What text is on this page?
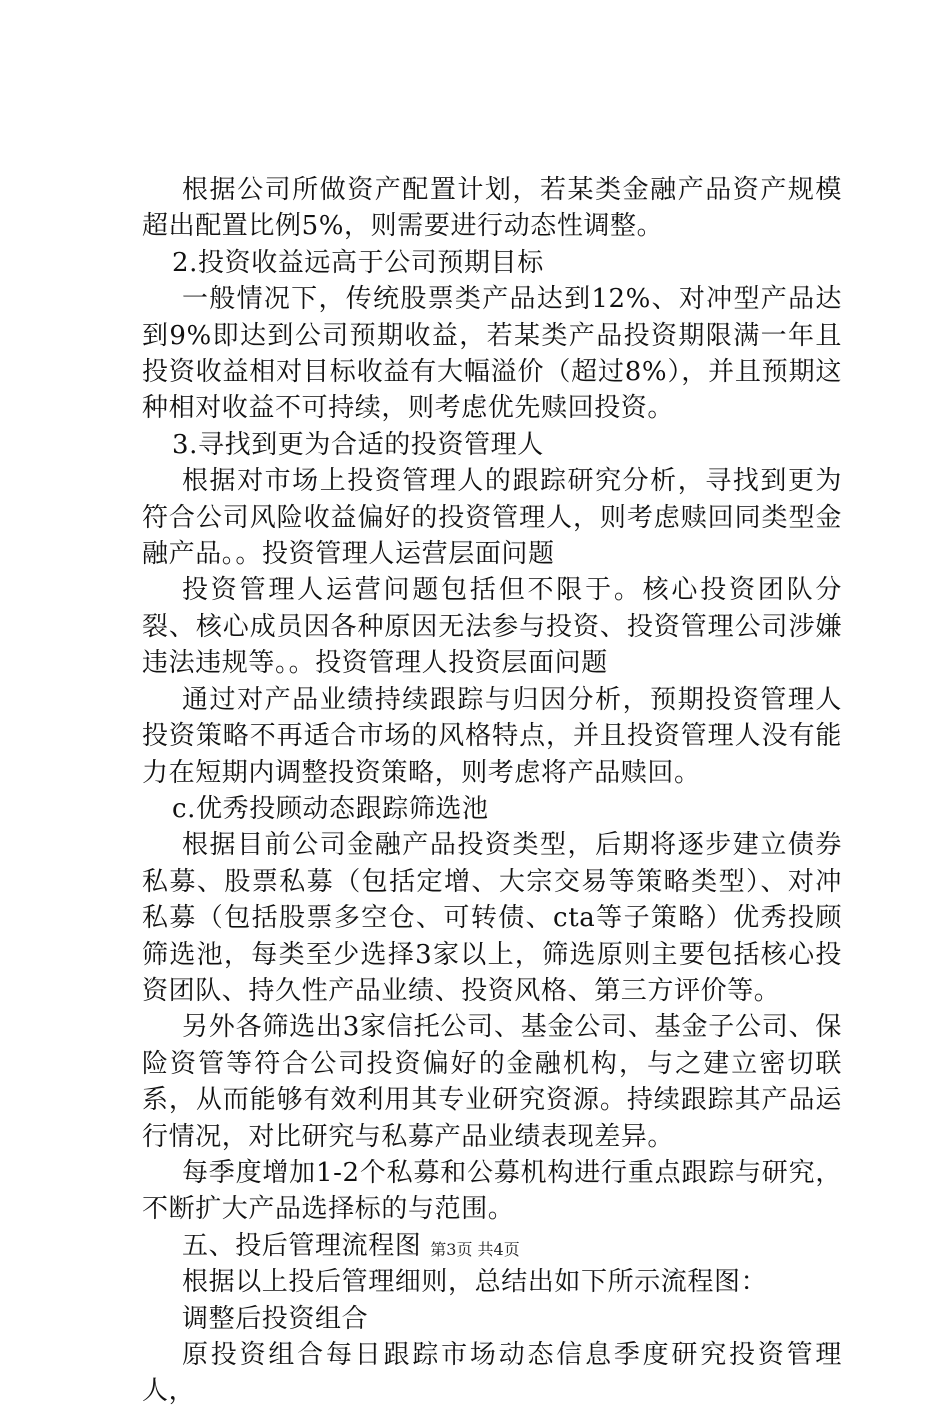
根据公司所做资产配置计划，若某类金融产品资产规模超出配置比例5%，则需要进行动态性调整。

2.投资收益远高于公司预期目标

一般情况下，传统股票类产品达到12%、对冲型产品达到9%即达到公司预期收益，若某类产品投资期限满一年且投资收益相对目标收益有大幅溢价（超过8%），并且预期这种相对收益不可持续，则考虑优先赎回投资。

3.寻找到更为合适的投资管理人

根据对市场上投资管理人的跟踪研究分析，寻找到更为符合公司风险收益偏好的投资管理人，则考虑赎回同类型金融产品。。投资管理人运营层面问题

投资管理人运营问题包括但不限于。核心投资团队分裂、核心成员因各种原因无法参与投资、投资管理公司涉嫌违法违规等。。投资管理人投资层面问题

通过对产品业绩持续跟踪与归因分析，预期投资管理人投资策略不再适合市场的风格特点，并且投资管理人没有能力在短期内调整投资策略，则考虑将产品赎回。

c.优秀投顾动态跟踪筛选池

根据目前公司金融产品投资类型，后期将逐步建立债券私募、股票私募（包括定增、大宗交易等策略类型）、对冲私募（包括股票多空仓、可转债、cta等子策略）优秀投顾筛选池，每类至少选择3家以上，筛选原则主要包括核心投资团队、持久性产品业绩、投资风格、第三方评价等。

另外各筛选出3家信托公司、基金公司、基金子公司、保险资管等符合公司投资偏好的金融机构，与之建立密切联系，从而能够有效利用其专业研究资源。持续跟踪其产品运行情况，对比研究与私募产品业绩表现差异。

每季度增加1-2个私募和公募机构进行重点跟踪与研究，不断扩大产品选择标的与范围。

五、投后管理流程图

根据以上投后管理细则，总结出如下所示流程图：

调整后投资组合

原投资组合每日跟踪市场动态信息季度研究投资管理人，

第3页 共4页
